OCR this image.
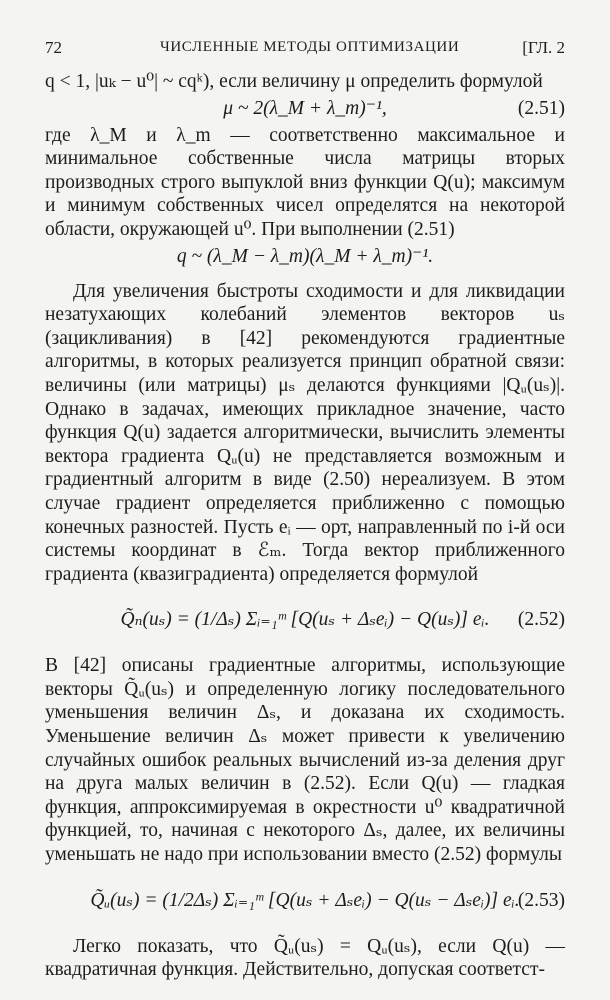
72	ЧИСЛЕННЫЕ МЕТОДЫ ОПТИМИЗАЦИИ	[ГЛ. 2

q < 1, |uₖ − u⁰| ~ cqᵏ), если величину μ определить формулой

μ ~ 2(λ_M + λ_m)⁻¹,	(2.51)

где λ_M и λ_m — соответственно максимальное и минимальное собственные числа матрицы вторых производных строго выпуклой вниз функции Q(u); максимум и минимум собственных чисел определятся на некоторой области, окружающей u⁰. При выполнении (2.51)

q ~ (λ_M − λ_m)(λ_M + λ_m)⁻¹.

Для увеличения быстроты сходимости и для ликвидации незатухающих колебаний элементов векторов uₛ (зацикливания) в [42] рекомендуются градиентные алгоритмы, в которых реализуется принцип обратной связи: величины (или матрицы) μₛ делаются функциями |Qᵤ(uₛ)|. Однако в задачах, имеющих прикладное значение, часто функция Q(u) задается алгоритмически, вычислить элементы вектора градиента Qᵤ(u) не представляется возможным и градиентный алгоритм в виде (2.50) нереализуем. В этом случае градиент определяется приближенно с помощью конечных разностей. Пусть eᵢ — орт, направленный по i-й оси системы координат в ℰₘ. Тогда вектор приближенного градиента (квазиградиента) определяется формулой

Q̃ₙ(uₛ) = (1/Δₛ) Σᵢ₌₁ᵐ [Q(uₛ + Δₛeᵢ) − Q(uₛ)] eᵢ. (2.52)

В [42] описаны градиентные алгоритмы, использующие векторы Q̃ᵤ(uₛ) и определенную логику последовательного уменьшения величин Δₛ, и доказана их сходимость. Уменьшение величин Δₛ может привести к увеличению случайных ошибок реальных вычислений из-за деления друг на друга малых величин в (2.52). Если Q(u) — гладкая функция, аппроксимируемая в окрестности u⁰ квадратичной функцией, то, начиная с некоторого Δₛ, далее, их величины уменьшать не надо при использовании вместо (2.52) формулы

Q̃ᵤ(uₛ) = (1/2Δₛ) Σᵢ₌₁ᵐ [Q(uₛ + Δₛeᵢ) − Q(uₛ − Δₛeᵢ)] eᵢ.
(2.53)

Легко показать, что Q̃ᵤ(uₛ) = Qᵤ(uₛ), если Q(u) — квадратичная функция. Действительно, допуская соответст-
